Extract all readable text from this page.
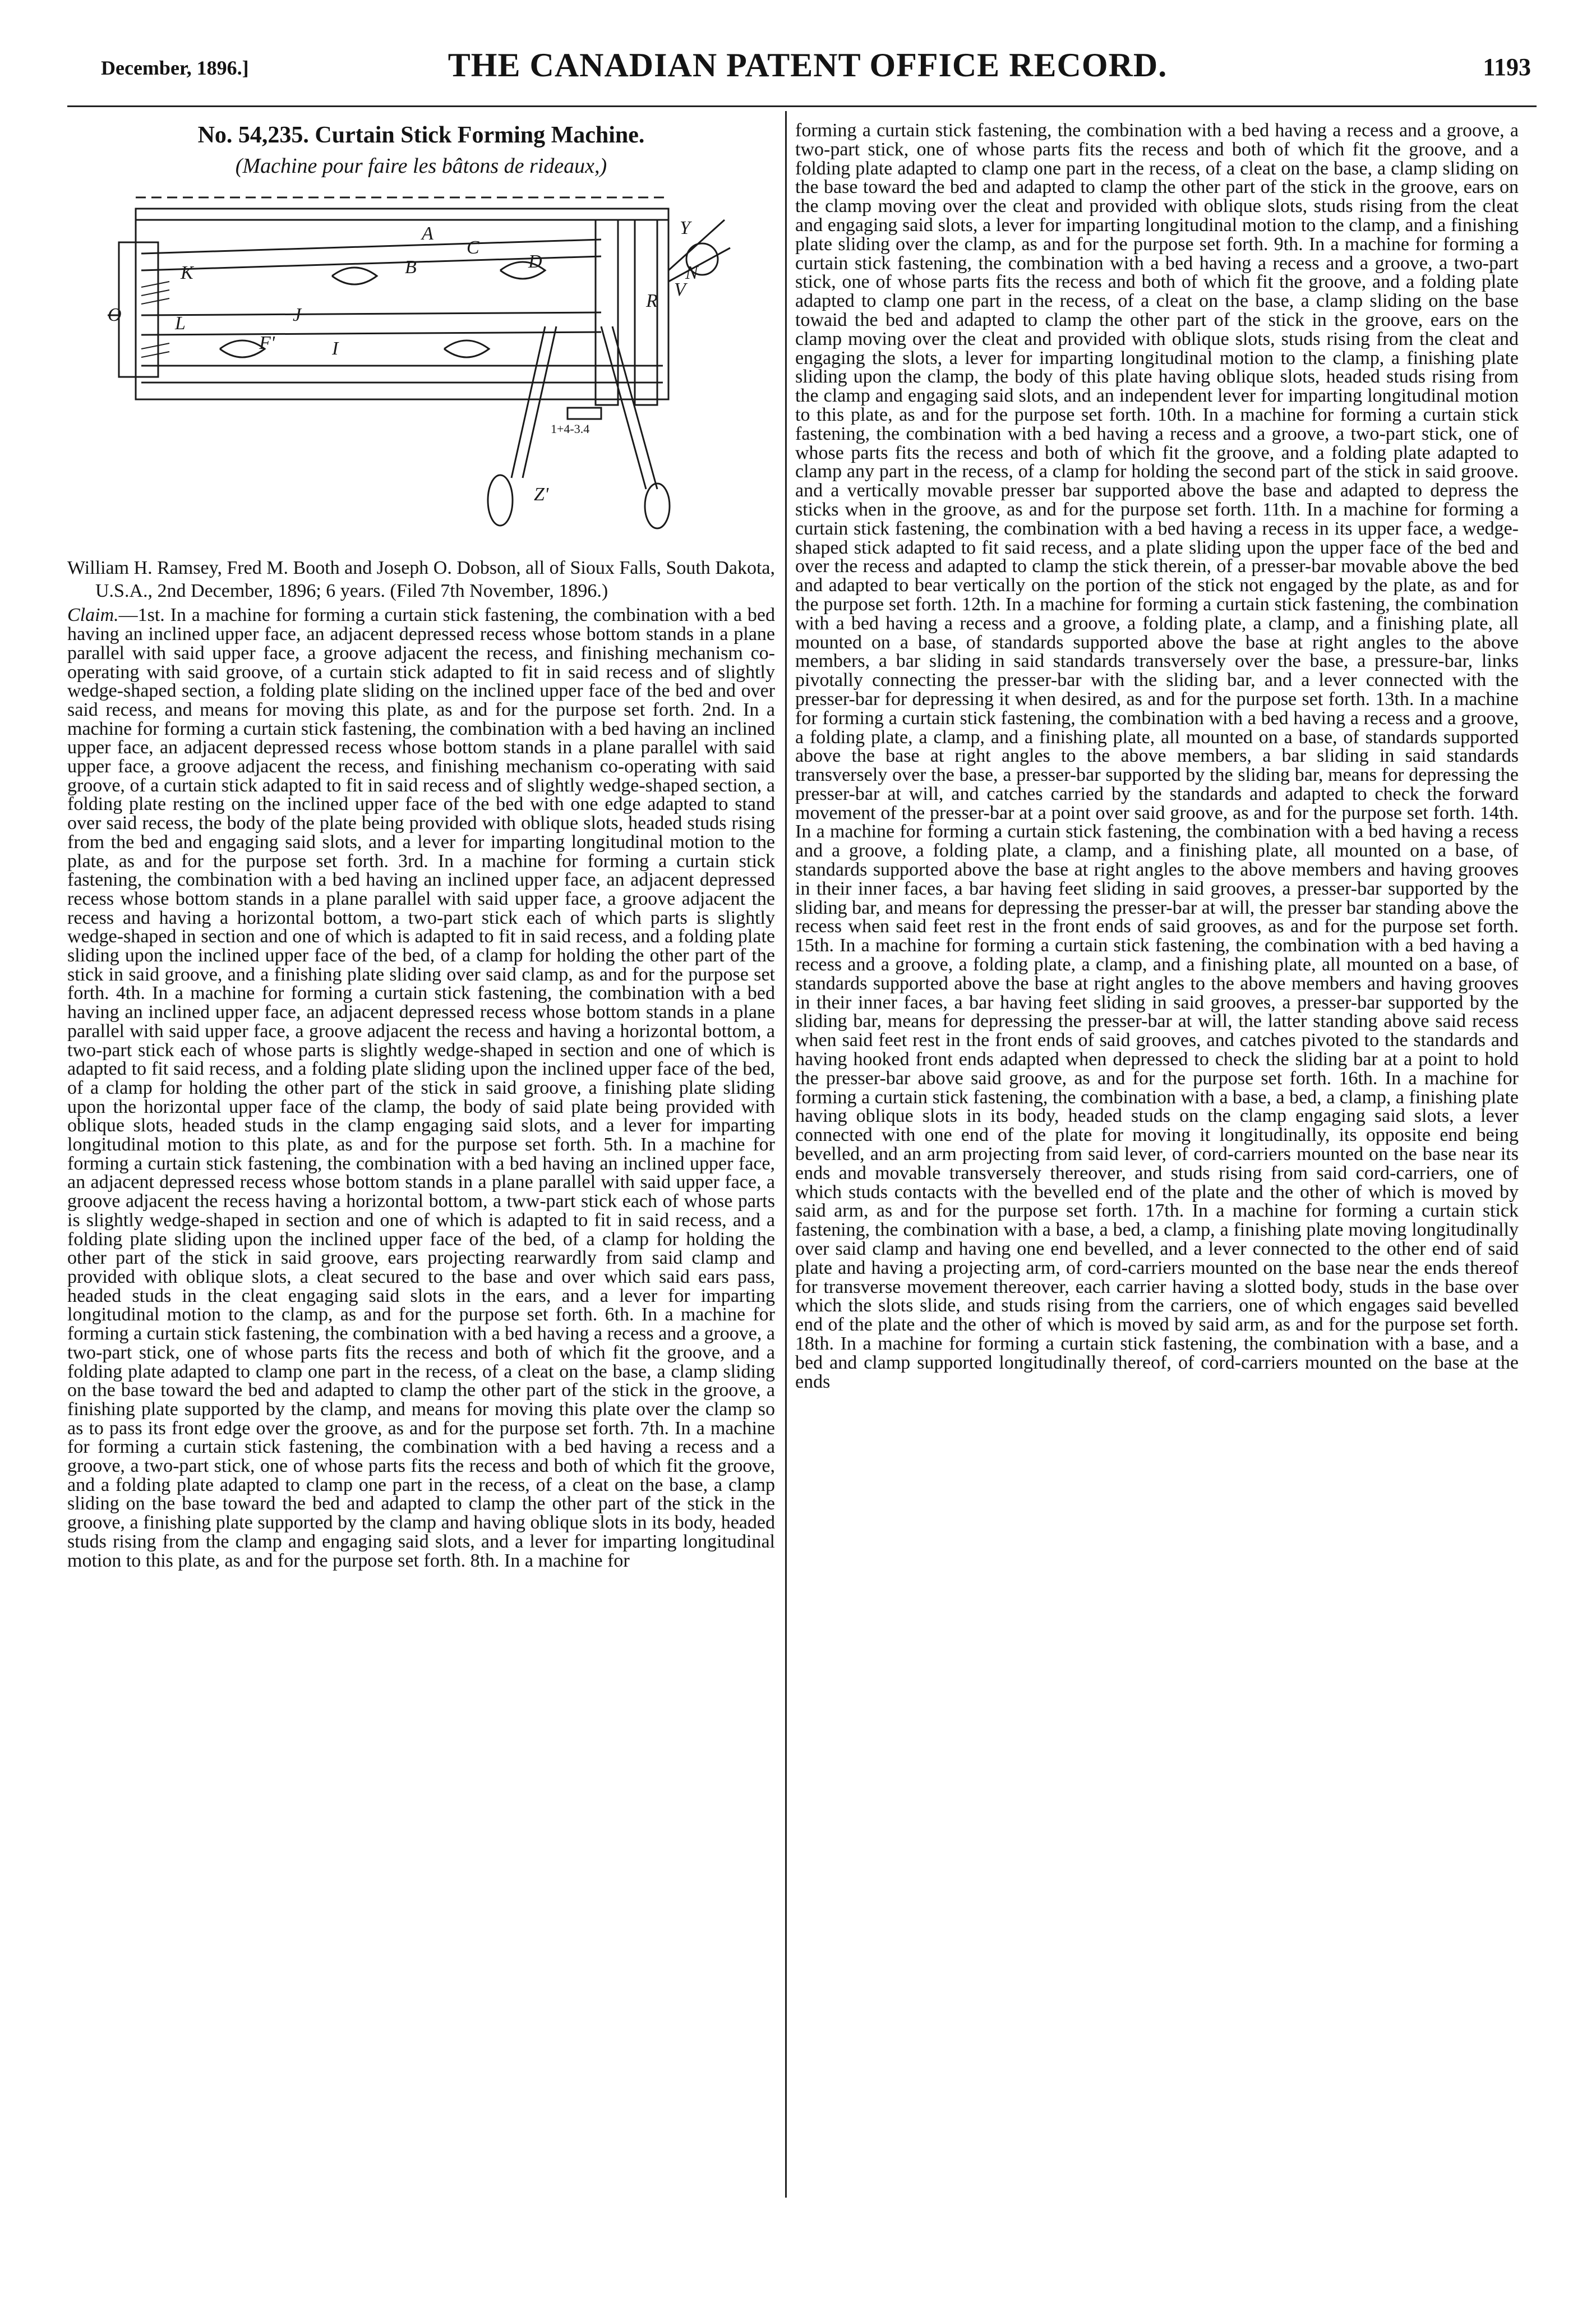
December, 1896.]	THE CANADIAN PATENT OFFICE RECORD.	1193

No. 54,235. Curtain Stick Forming Machine.

(Machine pour faire les bâtons de rideaux,)

A
B
C
D
K
Y
O	L
I
J
F'
V
R
N
Z'
1+4-3.4

William H. Ramsey, Fred M. Booth and Joseph O. Dobson, all of Sioux Falls, South Dakota, U.S.A., 2nd December, 1896; 6 years. (Filed 7th November, 1896.)

Claim.—1st. In a machine for forming a curtain stick fastening, the combination with a bed having an inclined upper face, an adjacent depressed recess whose bottom stands in a plane parallel with said upper face, a groove adjacent the recess, and finishing mechanism co-operating with said groove, of a curtain stick adapted to fit in said recess and of slightly wedge-shaped section, a folding plate sliding on the inclined upper face of the bed and over said recess, and means for moving this plate, as and for the purpose set forth. 2nd. In a machine for forming a curtain stick fastening, the combination with a bed having an inclined upper face, an adjacent depressed recess whose bottom stands in a plane parallel with said upper face, a groove adjacent the recess, and finishing mechanism co-operating with said groove, of a curtain stick adapted to fit in said recess and of slightly wedge-shaped section, a folding plate resting on the inclined upper face of the bed with one edge adapted to stand over said recess, the body of the plate being provided with oblique slots, headed studs rising from the bed and engaging said slots, and a lever for imparting longitudinal motion to the plate, as and for the purpose set forth. 3rd. In a machine for forming a curtain stick fastening, the combination with a bed having an inclined upper face, an adjacent depressed recess whose bottom stands in a plane parallel with said upper face, a groove adjacent the recess and having a horizontal bottom, a two-part stick each of which parts is slightly wedge-shaped in section and one of which is adapted to fit in said recess, and a folding plate sliding upon the inclined upper face of the bed, of a clamp for holding the other part of the stick in said groove, and a finishing plate sliding over said clamp, as and for the purpose set forth. 4th. In a machine for forming a curtain stick fastening, the combination with a bed having an inclined upper face, an adjacent depressed recess whose bottom stands in a plane parallel with said upper face, a groove adjacent the recess and having a horizontal bottom, a two-part stick each of whose parts is slightly wedge-shaped in section and one of which is adapted to fit said recess, and a folding plate sliding upon the inclined upper face of the bed, of a clamp for holding the other part of the stick in said groove, a finishing plate sliding upon the horizontal upper face of the clamp, the body of said plate being provided with oblique slots, headed studs in the clamp engaging said slots, and a lever for imparting longitudinal motion to this plate, as and for the purpose set forth. 5th. In a machine for forming a curtain stick fastening, the combination with a bed having an inclined upper face, an adjacent depressed recess whose bottom stands in a plane parallel with said upper face, a groove adjacent the recess having a horizontal bottom, a tww-part stick each of whose parts is slightly wedge-shaped in section and one of which is adapted to fit in said recess, and a folding plate sliding upon the inclined upper face of the bed, of a clamp for holding the other part of the stick in said groove, ears projecting rearwardly from said clamp and provided with oblique slots, a cleat secured to the base and over which said ears pass, headed studs in the cleat engaging said slots in the ears, and a lever for imparting longitudinal motion to the clamp, as and for the purpose set forth. 6th. In a machine for forming a curtain stick fastening, the combination with a bed having a recess and a groove, a two-part stick, one of whose parts fits the recess and both of which fit the groove, and a folding plate adapted to clamp one part in the recess, of a cleat on the base, a clamp sliding on the base toward the bed and adapted to clamp the other part of the stick in the groove, a finishing plate supported by the clamp, and means for moving this plate over the clamp so as to pass its front edge over the groove, as and for the purpose set forth. 7th. In a machine for forming a curtain stick fastening, the combination with a bed having a recess and a groove, a two-part stick, one of whose parts fits the recess and both of which fit the groove, and a folding plate adapted to clamp one part in the recess, of a cleat on the base, a clamp sliding on the base toward the bed and adapted to clamp the other part of the stick in the groove, a finishing plate supported by the clamp and having oblique slots in its body, headed studs rising from the clamp and engaging said slots, and a lever for imparting longitudinal motion to this plate, as and for the purpose set forth. 8th. In a machine for

forming a curtain stick fastening, the combination with a bed having a recess and a groove, a two-part stick, one of whose parts fits the recess and both of which fit the groove, and a folding plate adapted to clamp one part in the recess, of a cleat on the base, a clamp sliding on the base toward the bed and adapted to clamp the other part of the stick in the groove, ears on the clamp moving over the cleat and provided with oblique slots, studs rising from the cleat and engaging said slots, a lever for imparting longitudinal motion to the clamp, and a finishing plate sliding over the clamp, as and for the purpose set forth. 9th. In a machine for forming a curtain stick fastening, the combination with a bed having a recess and a groove, a two-part stick, one of whose parts fits the recess and both of which fit the groove, and a folding plate adapted to clamp one part in the recess, of a cleat on the base, a clamp sliding on the base towaid the bed and adapted to clamp the other part of the stick in the groove, ears on the clamp moving over the cleat and provided with oblique slots, studs rising from the cleat and engaging the slots, a lever for imparting longitudinal motion to the clamp, a finishing plate sliding upon the clamp, the body of this plate having oblique slots, headed studs rising from the clamp and engaging said slots, and an independent lever for imparting longitudinal motion to this plate, as and for the purpose set forth. 10th. In a machine for forming a curtain stick fastening, the combination with a bed having a recess and a groove, a two-part stick, one of whose parts fits the recess and both of which fit the groove, and a folding plate adapted to clamp any part in the recess, of a clamp for holding the second part of the stick in said groove. and a vertically movable presser bar supported above the base and adapted to depress the sticks when in the groove, as and for the purpose set forth. 11th. In a machine for forming a curtain stick fastening, the combination with a bed having a recess in its upper face, a wedge-shaped stick adapted to fit said recess, and a plate sliding upon the upper face of the bed and over the recess and adapted to clamp the stick therein, of a presser-bar movable above the bed and adapted to bear vertically on the portion of the stick not engaged by the plate, as and for the purpose set forth. 12th. In a machine for forming a curtain stick fastening, the combination with a bed having a recess and a groove, a folding plate, a clamp, and a finishing plate, all mounted on a base, of standards supported above the base at right angles to the above members, a bar sliding in said standards transversely over the base, a pressure-bar, links pivotally connecting the presser-bar with the sliding bar, and a lever connected with the presser-bar for depressing it when desired, as and for the purpose set forth. 13th. In a machine for forming a curtain stick fastening, the combination with a bed having a recess and a groove, a folding plate, a clamp, and a finishing plate, all mounted on a base, of standards supported above the base at right angles to the above members, a bar sliding in said standards transversely over the base, a presser-bar supported by the sliding bar, means for depressing the presser-bar at will, and catches carried by the standards and adapted to check the forward movement of the presser-bar at a point over said groove, as and for the purpose set forth. 14th. In a machine for forming a curtain stick fastening, the combination with a bed having a recess and a groove, a folding plate, a clamp, and a finishing plate, all mounted on a base, of standards supported above the base at right angles to the above members and having grooves in their inner faces, a bar having feet sliding in said grooves, a presser-bar supported by the sliding bar, and means for depressing the presser-bar at will, the presser bar standing above the recess when said feet rest in the front ends of said grooves, as and for the purpose set forth. 15th. In a machine for forming a curtain stick fastening, the combination with a bed having a recess and a groove, a folding plate, a clamp, and a finishing plate, all mounted on a base, of standards supported above the base at right angles to the above members and having grooves in their inner faces, a bar having feet sliding in said grooves, a presser-bar supported by the sliding bar, means for depressing the presser-bar at will, the latter standing above said recess when said feet rest in the front ends of said grooves, and catches pivoted to the standards and having hooked front ends adapted when depressed to check the sliding bar at a point to hold the presser-bar above said groove, as and for the purpose set forth. 16th. In a machine for forming a curtain stick fastening, the combination with a base, a bed, a clamp, a finishing plate having oblique slots in its body, headed studs on the clamp engaging said slots, a lever connected with one end of the plate for moving it longitudinally, its opposite end being bevelled, and an arm projecting from said lever, of cord-carriers mounted on the base near its ends and movable transversely thereover, and studs rising from said cord-carriers, one of which studs contacts with the bevelled end of the plate and the other of which is moved by said arm, as and for the purpose set forth. 17th. In a machine for forming a curtain stick fastening, the combination with a base, a bed, a clamp, a finishing plate moving longitudinally over said clamp and having one end bevelled, and a lever connected to the other end of said plate and having a projecting arm, of cord-carriers mounted on the base near the ends thereof for transverse movement thereover, each carrier having a slotted body, studs in the base over which the slots slide, and studs rising from the carriers, one of which engages said bevelled end of the plate and the other of which is moved by said arm, as and for the purpose set forth. 18th. In a machine for forming a curtain stick fastening, the combination with a base, and a bed and clamp supported longitudinally thereof, of cord-carriers mounted on the base at the ends
